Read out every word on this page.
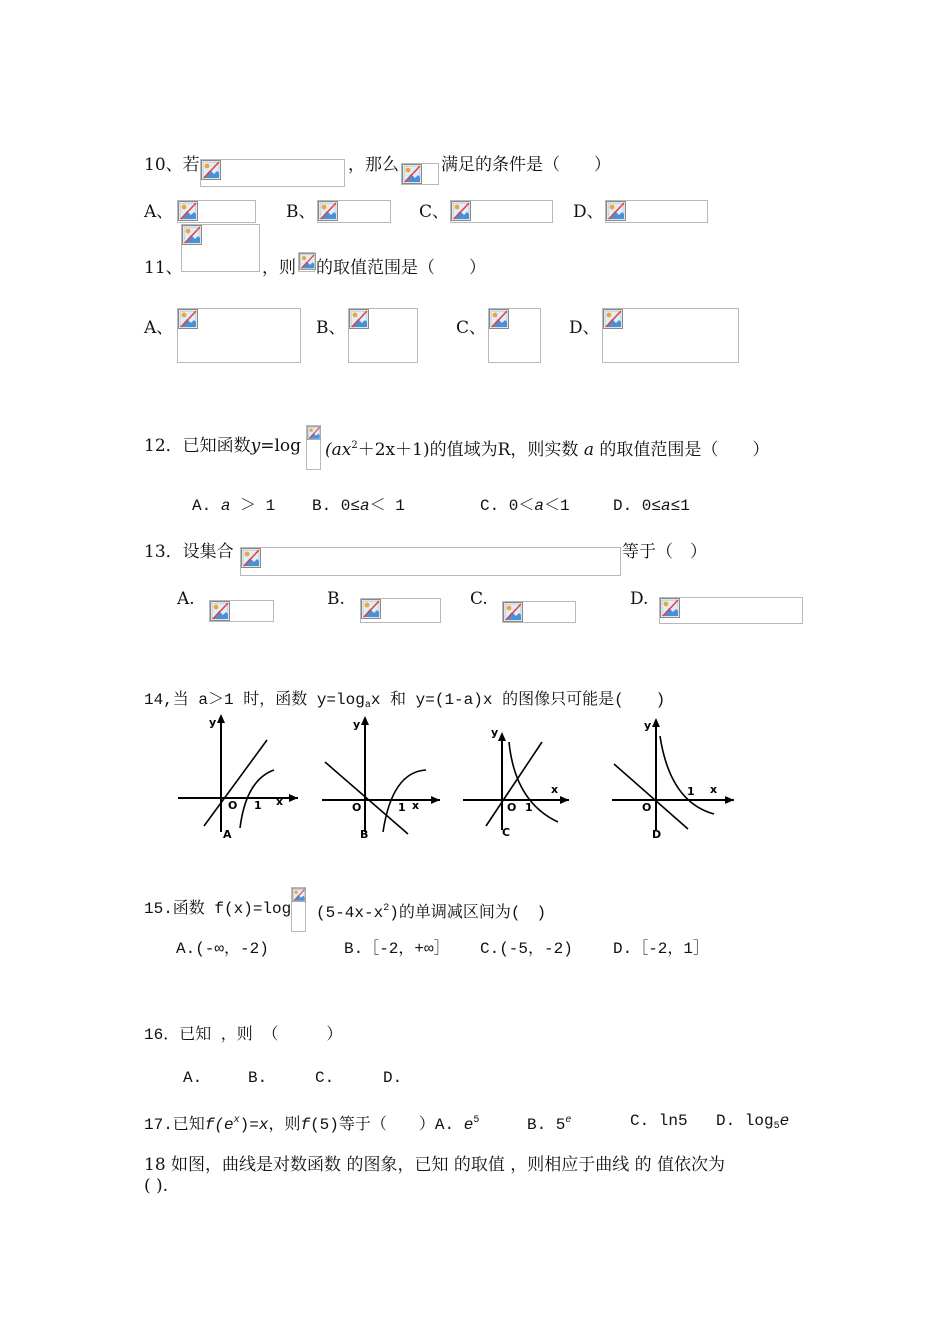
10、若	，那么 满足的条件是（　　）
A、	B、	C、	D、
11、	，则 的取值范围是（　　）
A、	B、	C、	D、
12．已知函数y=log $(ax^2+2x+1)$的值域为R，则实数 a 的取值范围是（　　）
A. a ＞ 1 B. 0≤a＜ 1	C. 0＜a＜1	D. 0≤a≤1
13．设集合	等于（　）
A.	B.	C.	D.
14,当 a＞1 时，函数 $y=\log_ax$ 和 y=(1-a)x 的图像只可能是(　　)
y
x
O 1
A
y
x
O	1
B
y
x
O 1
C
y
x
O
1
D
15.函数 f(x)=log $(5-4x-x^2)$的单调减区间为(　)
A.(-∞，-2)	B.［-2，+∞］ C.(-5，-2)	D.［-2，1］
16．已知 ，则 （　　　）
A.	B.	C.	D.
17.已知$f(e^x)=x$，则f(5)等于（　　）A. $e^5$	B. 5e	C. ln5 D. $\log_5e$
18 如图，曲线是对数函数 的图象，已知 的取值 ，则相应于曲线 的 值依次为
( ).
